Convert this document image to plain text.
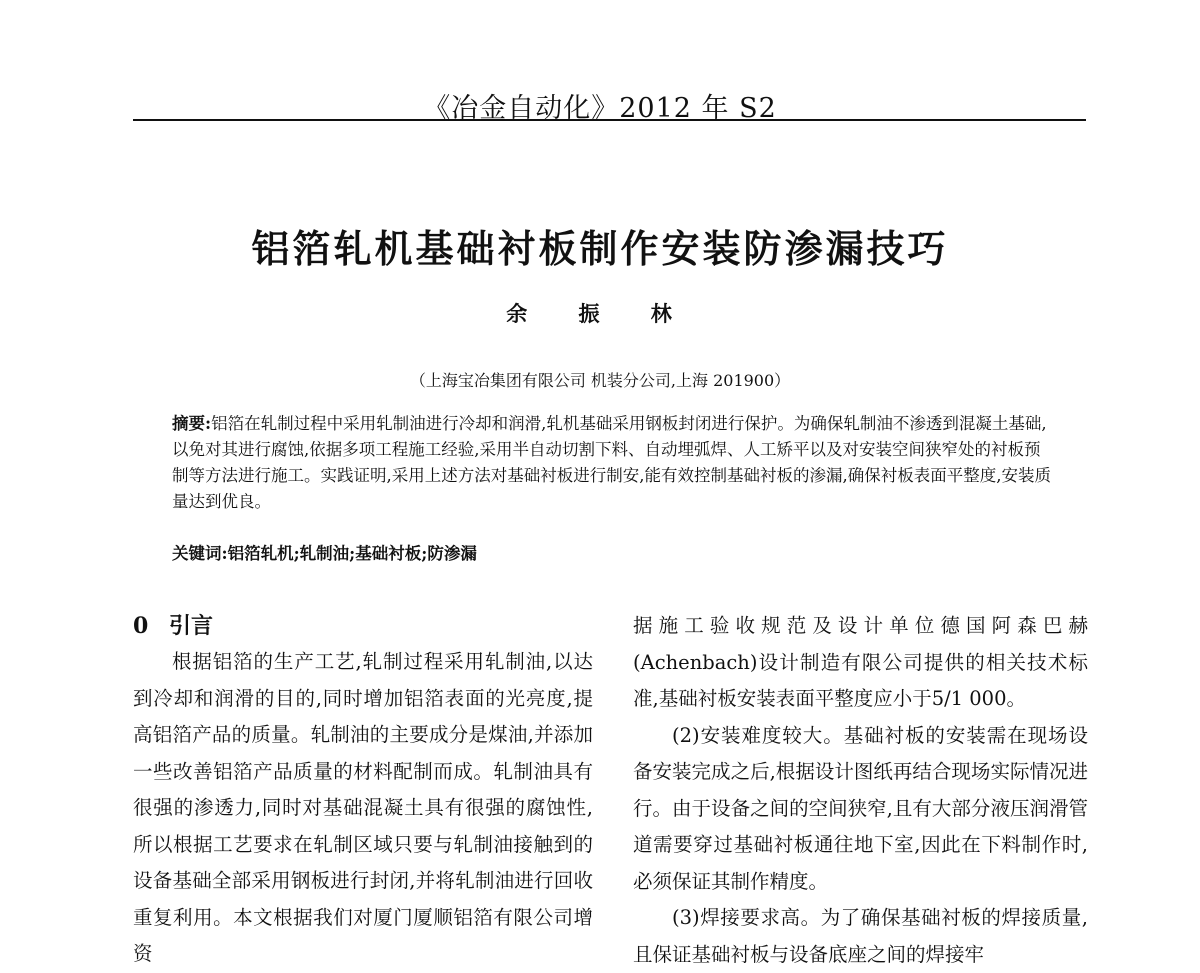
《冶金自动化》2012 年 S2
铝箔轧机基础衬板制作安装防渗漏技巧
余 振 林
（上海宝冶集团有限公司 机装分公司,上海 201900）
摘要:铝箔在轧制过程中采用轧制油进行冷却和润滑,轧机基础采用钢板封闭进行保护。为确保轧制油不渗透到混凝土基础,以免对其进行腐蚀,依据多项工程施工经验,采用半自动切割下料、自动埋弧焊、人工矫平以及对安装空间狭窄处的衬板预制等方法进行施工。实践证明,采用上述方法对基础衬板进行制安,能有效控制基础衬板的渗漏,确保衬板表面平整度,安装质量达到优良。
关键词:铝箔轧机;轧制油;基础衬板;防渗漏
0 引言
根据铝箔的生产工艺,轧制过程采用轧制油,以达到冷却和润滑的目的,同时增加铝箔表面的光亮度,提高铝箔产品的质量。轧制油的主要成分是煤油,并添加一些改善铝箔产品质量的材料配制而成。轧制油具有很强的渗透力,同时对基础混凝土具有很强的腐蚀性,所以根据工艺要求在轧制区域只要与轧制油接触到的设备基础全部采用钢板进行封闭,并将轧制油进行回收重复利用。本文根据我们对厦门厦顺铝箔有限公司增资
据施工验收规范及设计单位德国阿森巴赫(Achenbach)设计制造有限公司提供的相关技术标准,基础衬板安装表面平整度应小于5/1 000。
(2)安装难度较大。基础衬板的安装需在现场设备安装完成之后,根据设计图纸再结合现场实际情况进行。由于设备之间的空间狭窄,且有大部分液压润滑管道需要穿过基础衬板通往地下室,因此在下料制作时,必须保证其制作精度。
(3)焊接要求高。为了确保基础衬板的焊接质量,且保证基础衬板与设备底座之间的焊接牢
